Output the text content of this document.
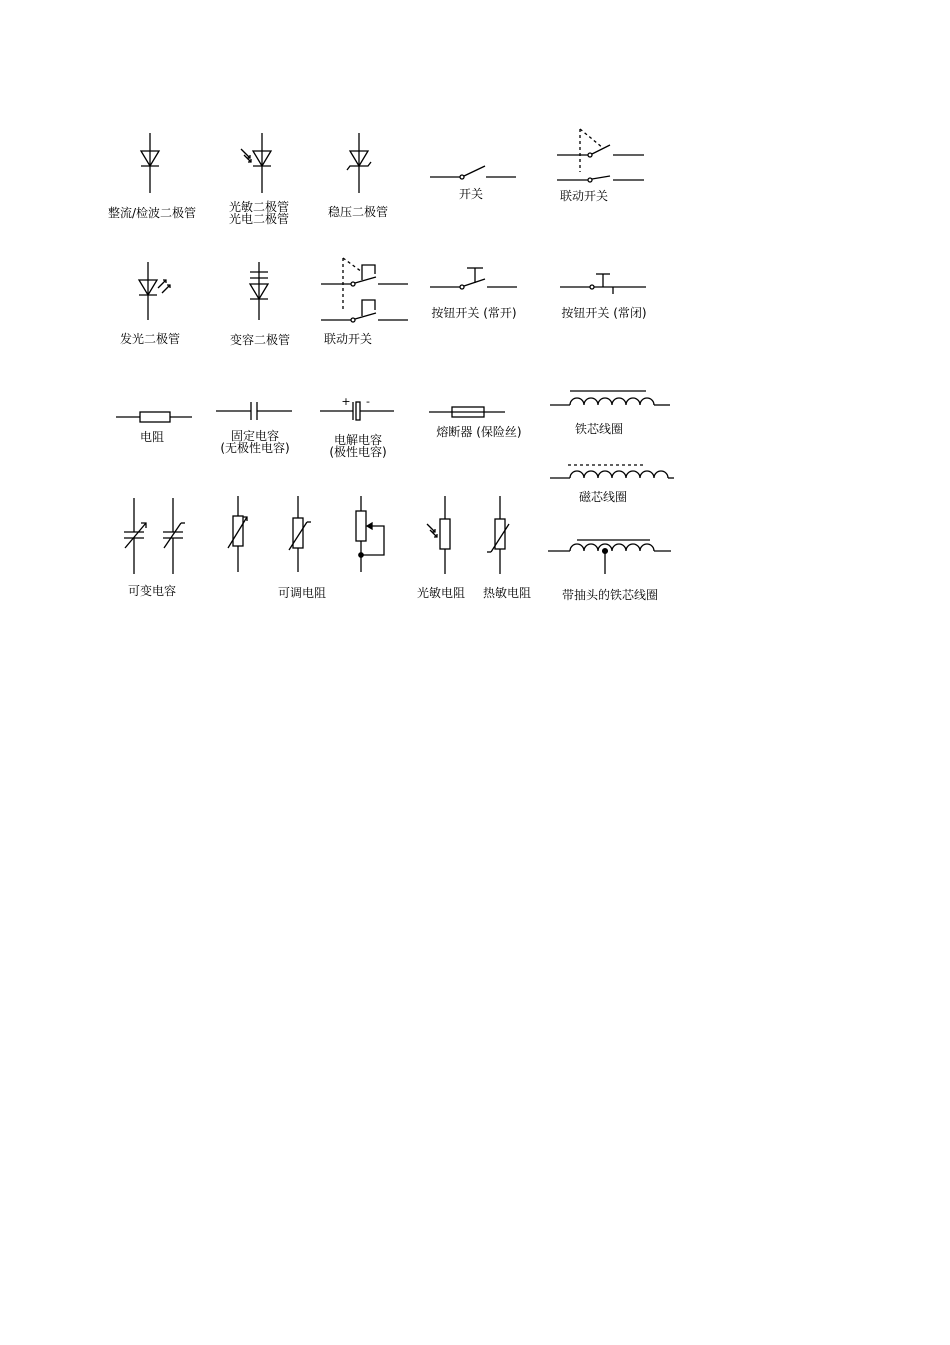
整流/检波二极管	光敏二极管
光电二极管	稳压二极管
开关	联动开关
发光二极管	变容二极管	联动开关
按钮开关 (常开)	按钮开关 (常闭)
电阻	固定电容
(无极性电容)
+ -
电解电容
(极性电容)
熔断器 (保险丝)	铁芯线圈
磁芯线圈
可变电容	可调电阻	光敏电阻 热敏电阻	带抽头的铁芯线圈
